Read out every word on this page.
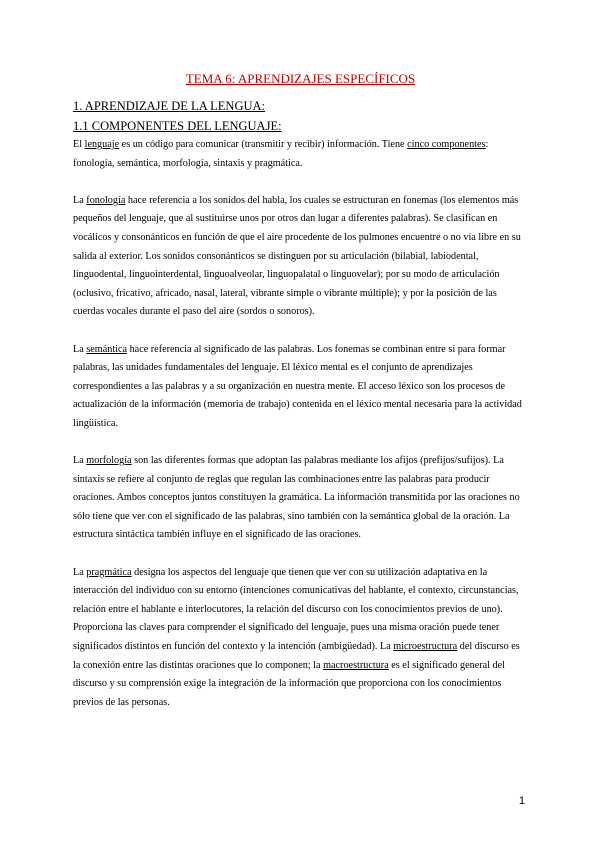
TEMA 6: APRENDIZAJES ESPECÍFICOS
1. APRENDIZAJE DE LA LENGUA:
1.1 COMPONENTES DEL LENGUAJE:

El lenguaje es un código para comunicar (transmitir y recibir) información. Tiene cinco componentes: fonología, semántica, morfología, sintaxis y pragmática.

La fonología hace referencia a los sonidos del habla, los cuales se estructuran en fonemas (los elementos más pequeños del lenguaje, que al sustituirse unos por otros dan lugar a diferentes palabras). Se clasifican en vocálicos y consonánticos en función de que el aire procedente de los pulmones encuentre o no vía libre en su salida al exterior. Los sonidos consonánticos se distinguen por su articulación (bilabial, labiodental, linguodental, linguointerdental, linguoalveolar, linguopalatal o linguovelar); por su modo de articulación (oclusivo, fricativo, africado, nasal, lateral, vibrante simple o vibrante múltiple); y por la posición de las cuerdas vocales durante el paso del aire (sordos o sonoros).

La semántica hace referencia al significado de las palabras. Los fonemas se combinan entre sí para formar palabras, las unidades fundamentales del lenguaje. El léxico mental es el conjunto de aprendizajes correspondientes a las palabras y a su organización en nuestra mente. El acceso léxico son los procesos de actualización de la información (memoria de trabajo) contenida en el léxico mental necesaria para la actividad lingüística.

La morfología son las diferentes formas que adoptan las palabras mediante los afijos (prefijos/sufijos). La sintaxis se refiere al conjunto de reglas que regulan las combinaciones entre las palabras para producir oraciones. Ambos conceptos juntos constituyen la gramática. La información transmitida por las oraciones no sólo tiene que ver con el significado de las palabras, sino también con la semántica global de la oración. La estructura sintáctica también influye en el significado de las oraciones.

La pragmática designa los aspectos del lenguaje que tienen que ver con su utilización adaptativa en la interacción del individuo con su entorno (intenciones comunicativas del hablante, el contexto, circunstancias, relación entre el hablante e interlocutores, la relación del discurso con los conocimientos previos de uno). Proporciona las claves para comprender el significado del lenguaje, pues una misma oración puede tener significados distintos en función del contexto y la intención (ambigüedad). La microestructura del discurso es la conexión entre las distintas oraciones que lo componen; la macroestructura es el significado general del discurso y su comprensión exige la integración de la información que proporciona con los conocimientos previos de las personas.

1
